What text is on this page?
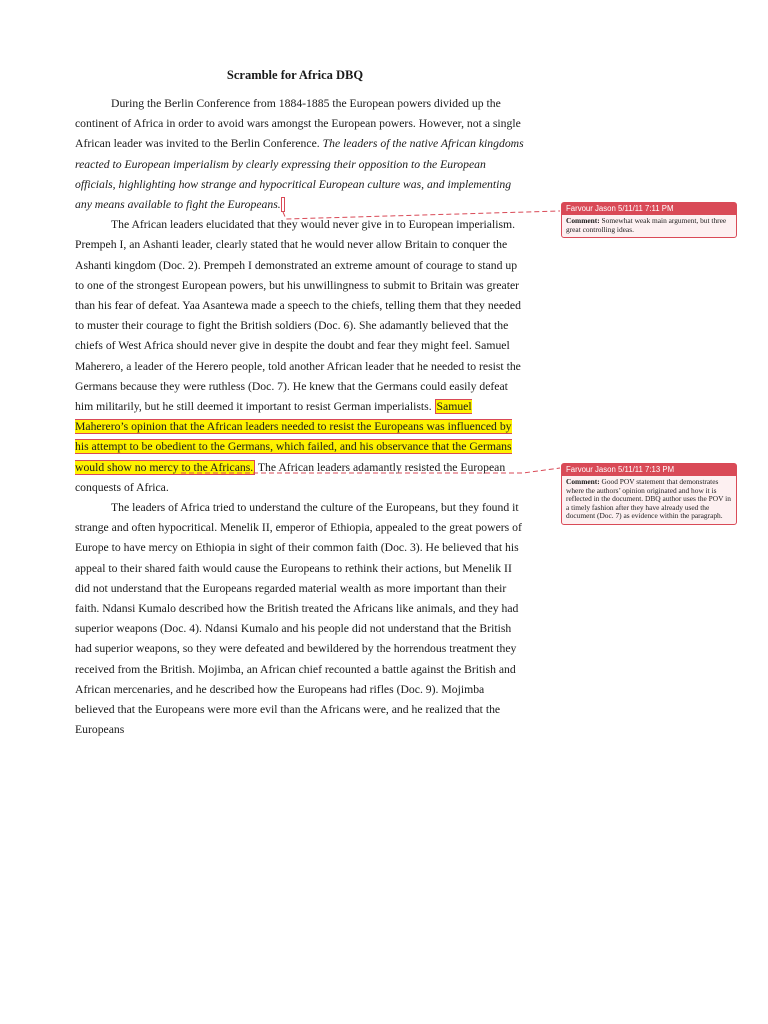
Scramble for Africa DBQ

During the Berlin Conference from 1884-1885 the European powers divided up the continent of Africa in order to avoid wars amongst the European powers. However, not a single African leader was invited to the Berlin Conference. The leaders of the native African kingdoms reacted to European imperialism by clearly expressing their opposition to the European officials, highlighting how strange and hypocritical European culture was, and implementing any means available to fight the Europeans.

The African leaders elucidated that they would never give in to European imperialism. Prempeh I, an Ashanti leader, clearly stated that he would never allow Britain to conquer the Ashanti kingdom (Doc. 2). Prempeh I demonstrated an extreme amount of courage to stand up to one of the strongest European powers, but his unwillingness to submit to Britain was greater than his fear of defeat. Yaa Asantewa made a speech to the chiefs, telling them that they needed to muster their courage to fight the British soldiers (Doc. 6). She adamantly believed that the chiefs of West Africa should never give in despite the doubt and fear they might feel. Samuel Maherero, a leader of the Herero people, told another African leader that he needed to resist the Germans because they were ruthless (Doc. 7). He knew that the Germans could easily defeat him militarily, but he still deemed it important to resist German imperialists. Samuel Maherero’s opinion that the African leaders needed to resist the Europeans was influenced by his attempt to be obedient to the Germans, which failed, and his observance that the Germans would show no mercy to the Africans. The African leaders adamantly resisted the European conquests of Africa.

The leaders of Africa tried to understand the culture of the Europeans, but they found it strange and often hypocritical. Menelik II, emperor of Ethiopia, appealed to the great powers of Europe to have mercy on Ethiopia in sight of their common faith (Doc. 3). He believed that his appeal to their shared faith would cause the Europeans to rethink their actions, but Menelik II did not understand that the Europeans regarded material wealth as more important than their faith. Ndansi Kumalo described how the British treated the Africans like animals, and they had superior weapons (Doc. 4). Ndansi Kumalo and his people did not understand that the British had superior weapons, so they were defeated and bewildered by the horrendous treatment they received from the British. Mojimba, an African chief recounted a battle against the British and African mercenaries, and he described how the Europeans had rifles (Doc. 9). Mojimba believed that the Europeans were more evil than the Africans were, and he realized that the Europeans

Farvour Jason 5/11/11 7:11 PM
Comment: Somewhat weak main argument, but three great controlling ideas.
Farvour Jason 5/11/11 7:13 PM
Comment: Good POV statement that demonstrates where the authors’ opinion originated and how it is reflected in the document. DBQ author uses the POV in a timely fashion after they have already used the document (Doc. 7) as evidence within the paragraph.
